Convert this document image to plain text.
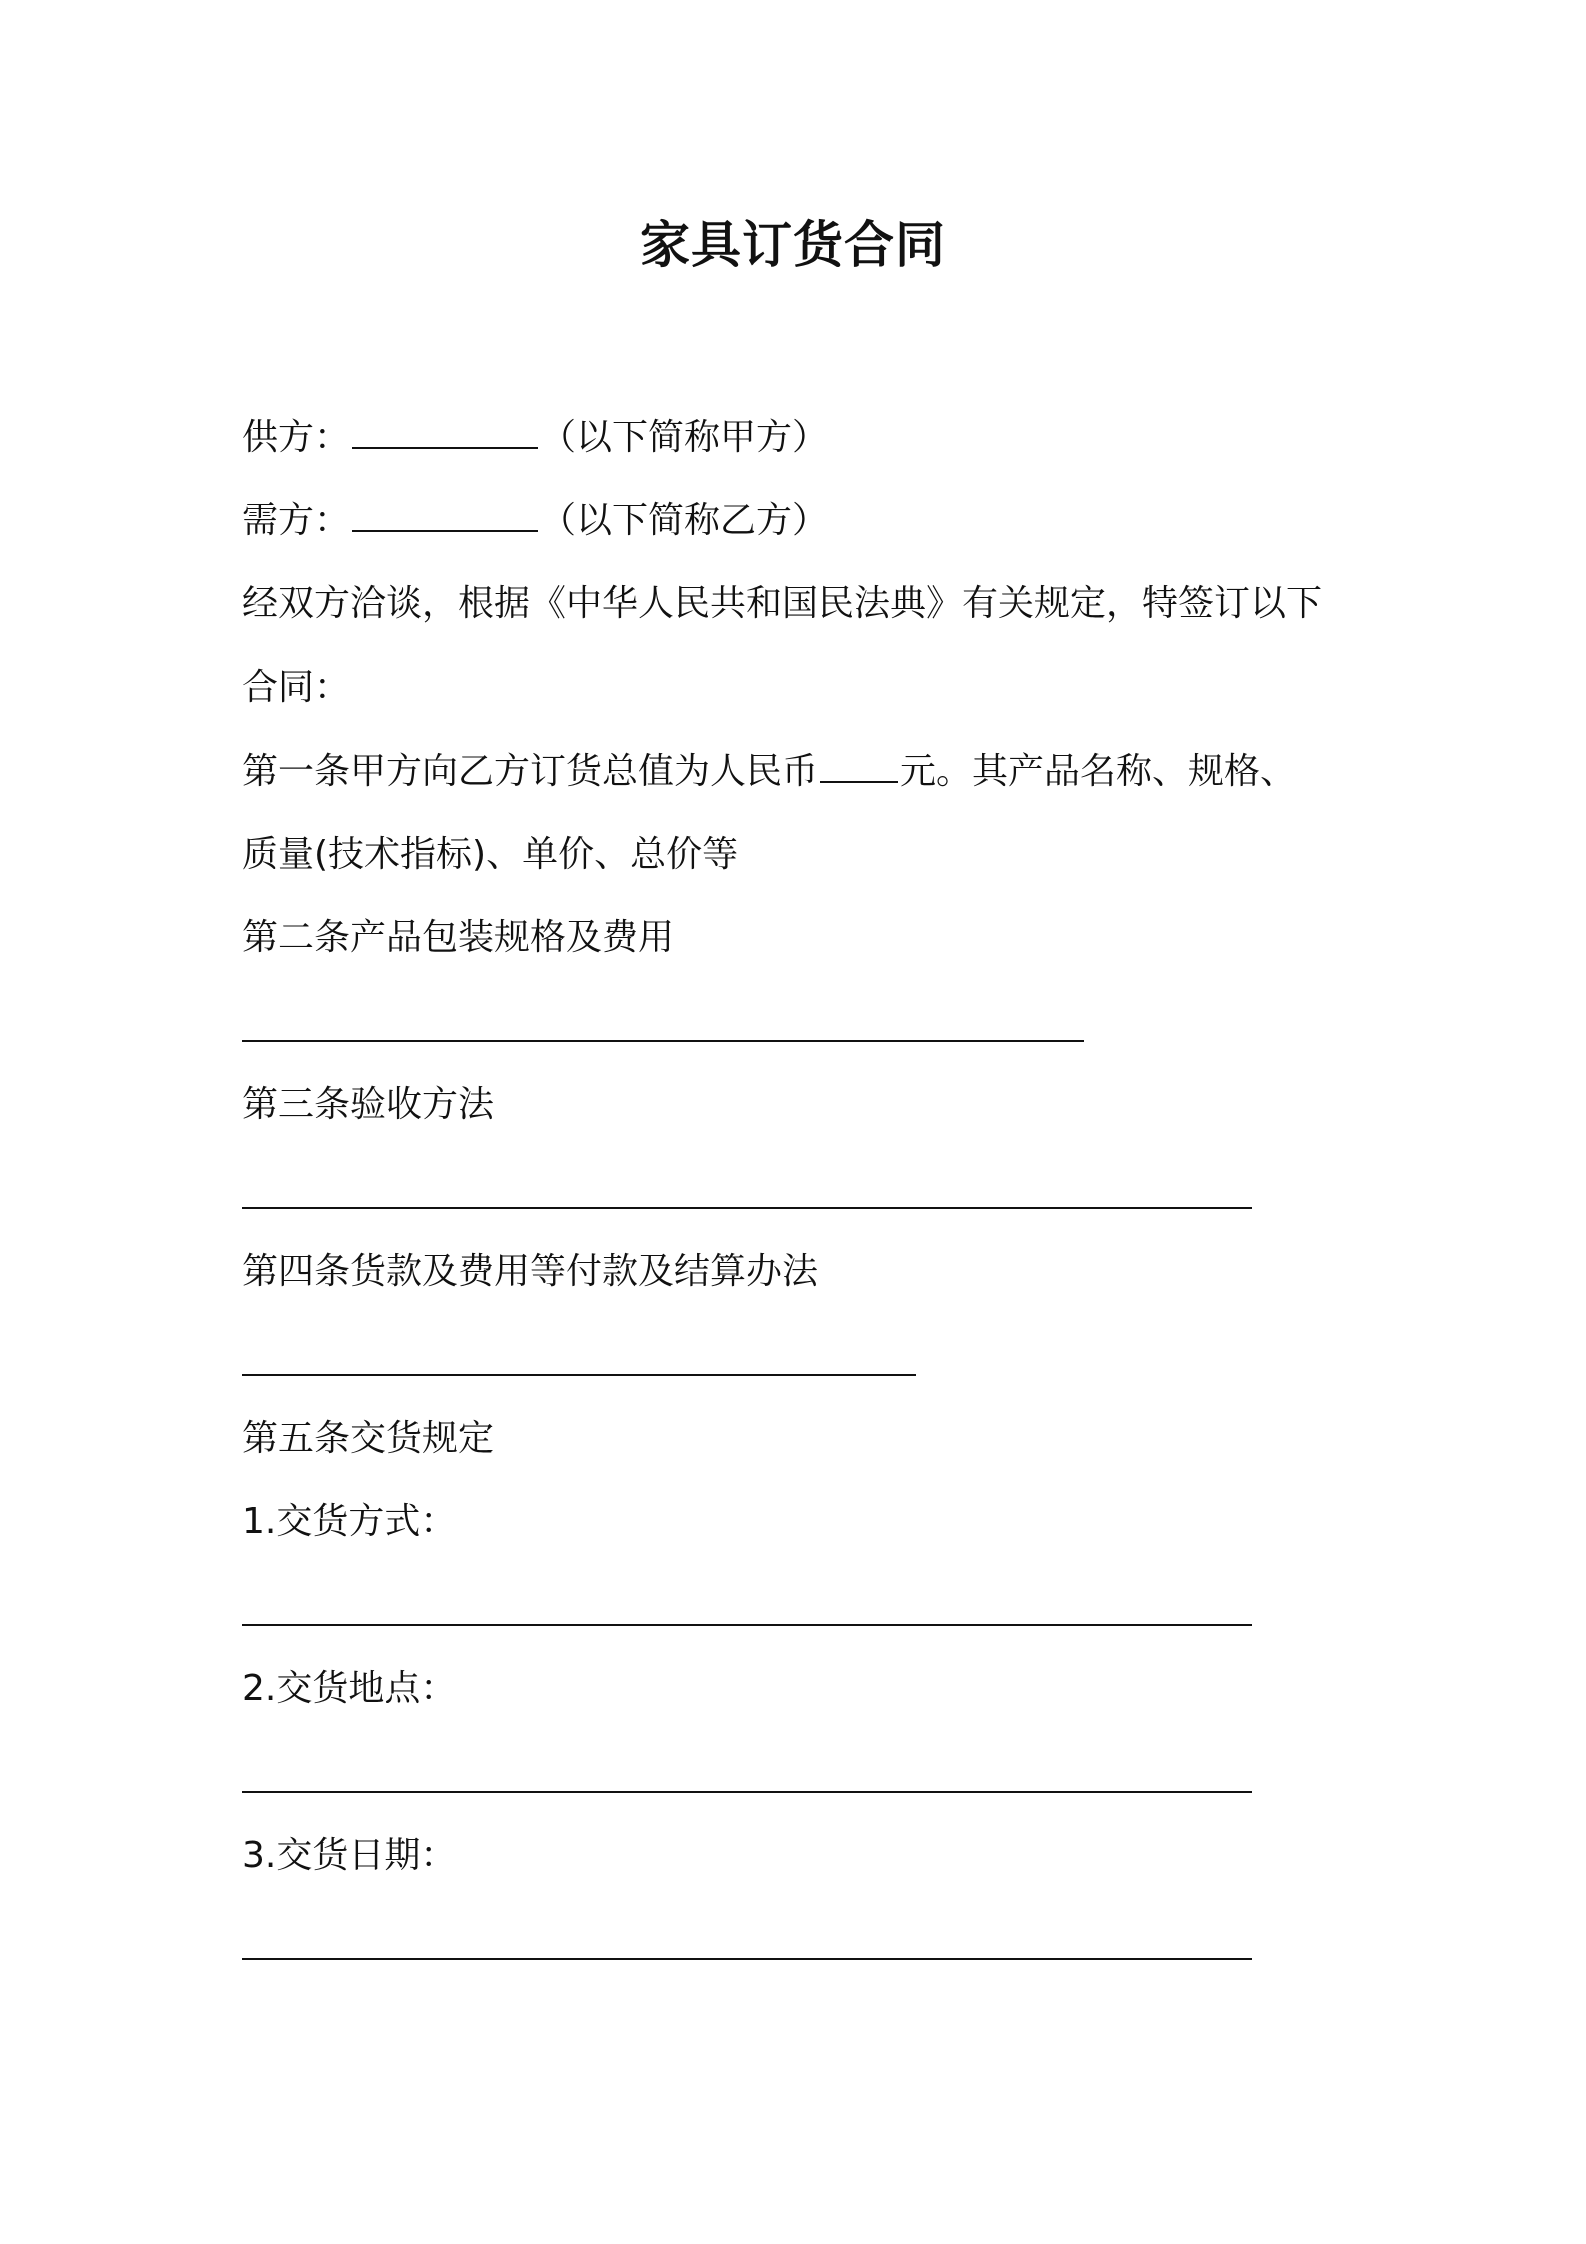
家具订货合同
供方：	（以下简称甲方）
需方：	（以下简称乙方）
经双方洽谈，根据《中华人民共和国民法典》有关规定，特签订以下
合同：
第一条甲方向乙方订货总值为人民币 元。其产品名称、规格、
质量(技术指标)、单价、总价等
第二条产品包装规格及费用
第三条验收方法
第四条货款及费用等付款及结算办法
第五条交货规定
1.交货方式：
2.交货地点：
3.交货日期：
